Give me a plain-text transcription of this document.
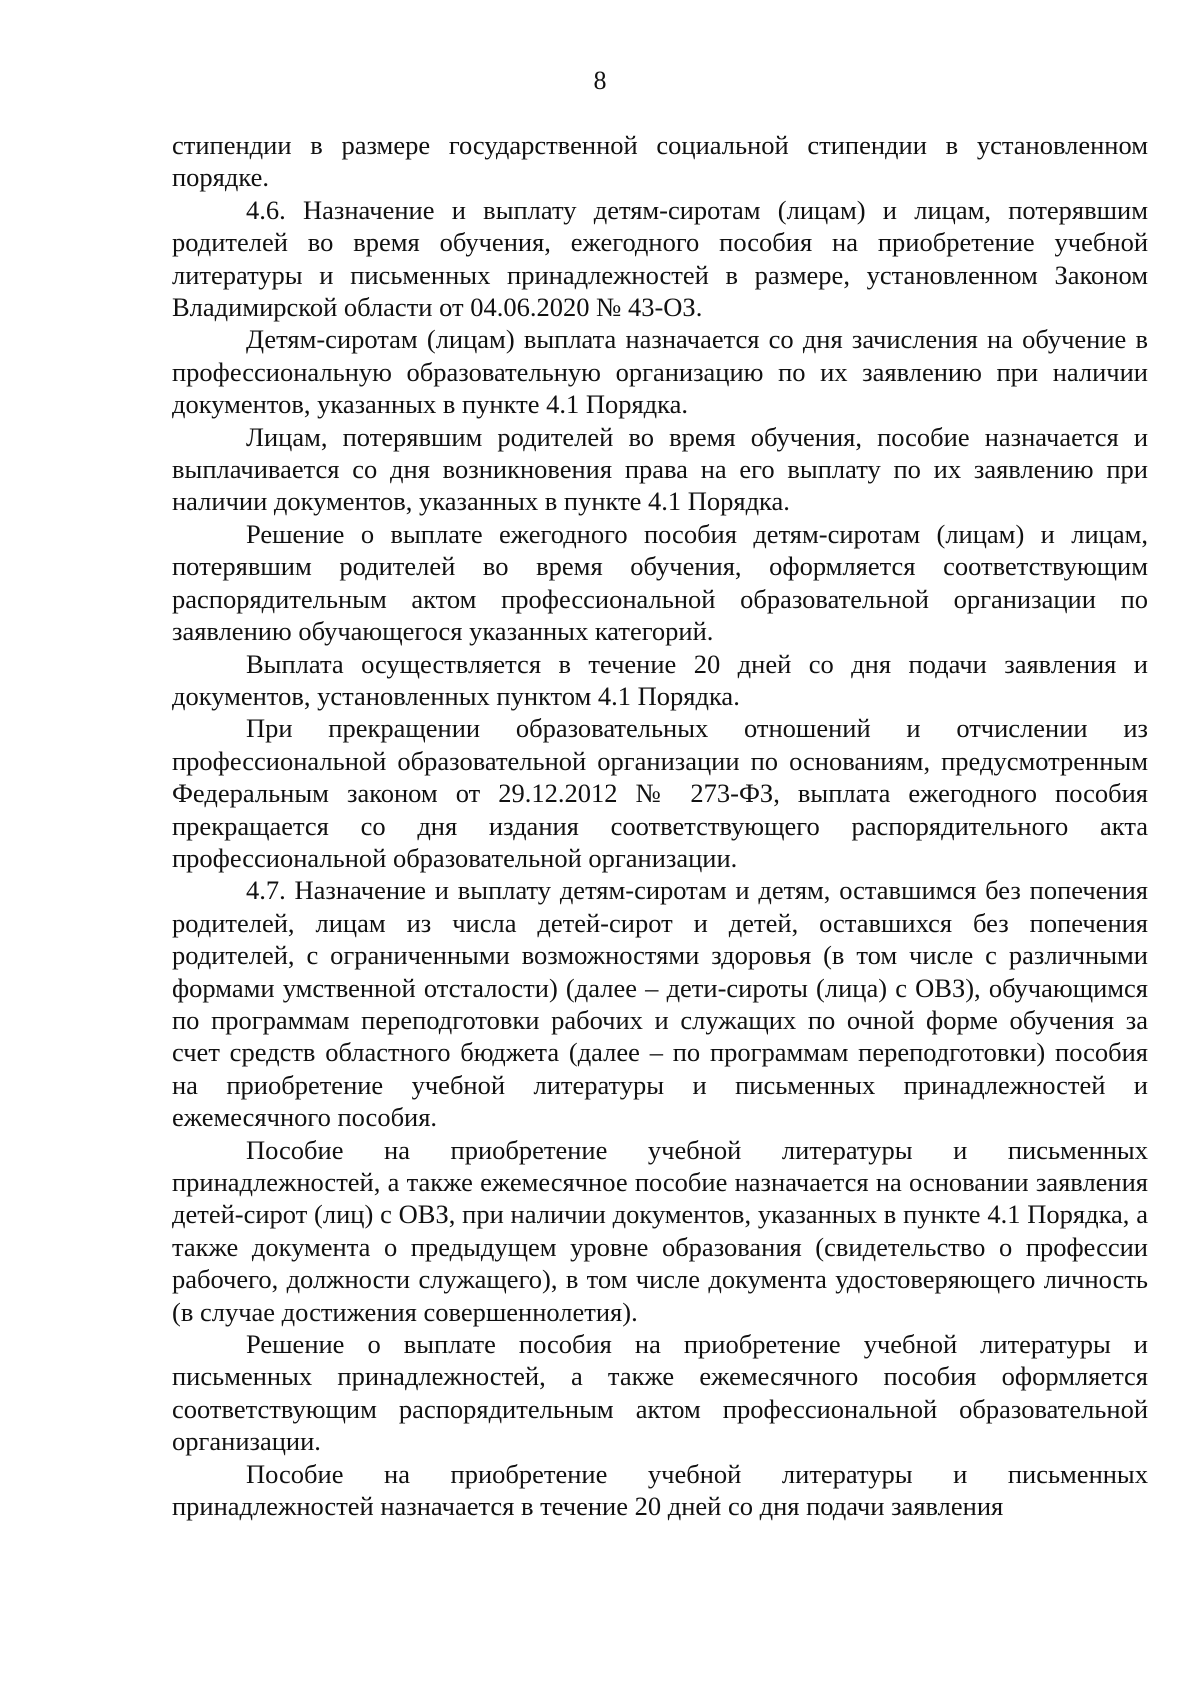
8

стипендии в размере государственной социальной стипендии в установленном порядке.

4.6. Назначение и выплату детям-сиротам (лицам) и лицам, потерявшим родителей во время обучения, ежегодного пособия на приобретение учебной литературы и письменных принадлежностей в размере, установленном Законом Владимирской области от 04.06.2020 № 43-ОЗ.

Детям-сиротам (лицам) выплата назначается со дня зачисления на обучение в профессиональную образовательную организацию по их заявлению при наличии документов, указанных в пункте 4.1 Порядка.

Лицам, потерявшим родителей во время обучения, пособие назначается и выплачивается со дня возникновения права на его выплату по их заявлению при наличии документов, указанных в пункте 4.1 Порядка.

Решение о выплате ежегодного пособия детям-сиротам (лицам) и лицам, потерявшим родителей во время обучения, оформляется соответствующим распорядительным актом профессиональной образовательной организации по заявлению обучающегося указанных категорий.

Выплата осуществляется в течение 20 дней со дня подачи заявления и документов, установленных пунктом 4.1 Порядка.

При прекращении образовательных отношений и отчислении из профессиональной образовательной организации по основаниям, предусмотренным Федеральным законом от 29.12.2012 № 273-ФЗ, выплата ежегодного пособия прекращается со дня издания соответствующего распорядительного акта профессиональной образовательной организации.

4.7. Назначение и выплату детям-сиротам и детям, оставшимся без попечения родителей, лицам из числа детей-сирот и детей, оставшихся без попечения родителей, с ограниченными возможностями здоровья (в том числе с различными формами умственной отсталости) (далее – дети-сироты (лица) с ОВЗ), обучающимся по программам переподготовки рабочих и служащих по очной форме обучения за счет средств областного бюджета (далее – по программам переподготовки) пособия на приобретение учебной литературы и письменных принадлежностей и ежемесячного пособия.

Пособие на приобретение учебной литературы и письменных принадлежностей, а также ежемесячное пособие назначается на основании заявления детей-сирот (лиц) с ОВЗ, при наличии документов, указанных в пункте 4.1 Порядка, а также документа о предыдущем уровне образования (свидетельство о профессии рабочего, должности служащего), в том числе документа удостоверяющего личность (в случае достижения совершеннолетия).

Решение о выплате пособия на приобретение учебной литературы и письменных принадлежностей, а также ежемесячного пособия оформляется соответствующим распорядительным актом профессиональной образовательной организации.

Пособие на приобретение учебной литературы и письменных принадлежностей назначается в течение 20 дней со дня подачи заявления
